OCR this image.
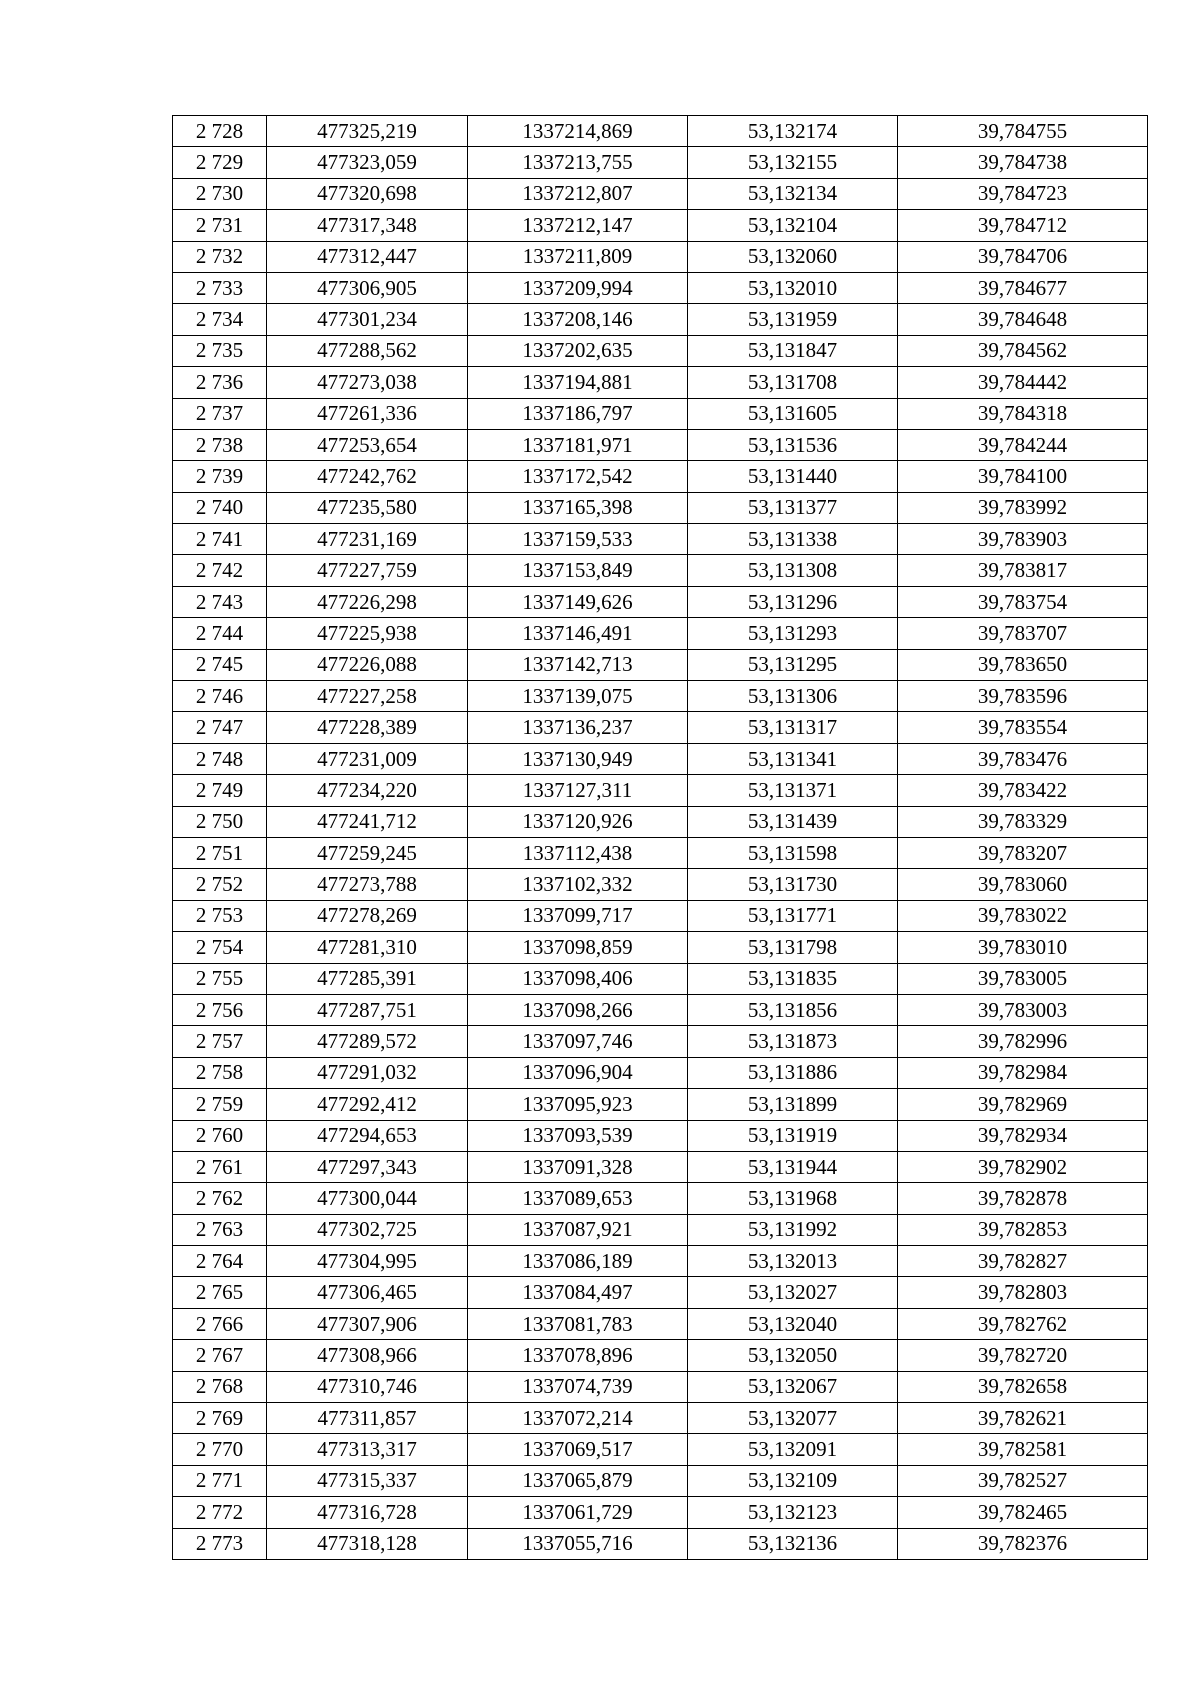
2 728	477325,219	1337214,869	53,132174	39,784755
2 729	477323,059	1337213,755	53,132155	39,784738
2 730	477320,698	1337212,807	53,132134	39,784723
2 731	477317,348	1337212,147	53,132104	39,784712
2 732	477312,447	1337211,809	53,132060	39,784706
2 733	477306,905	1337209,994	53,132010	39,784677
2 734	477301,234	1337208,146	53,131959	39,784648
2 735	477288,562	1337202,635	53,131847	39,784562
2 736	477273,038	1337194,881	53,131708	39,784442
2 737	477261,336	1337186,797	53,131605	39,784318
2 738	477253,654	1337181,971	53,131536	39,784244
2 739	477242,762	1337172,542	53,131440	39,784100
2 740	477235,580	1337165,398	53,131377	39,783992
2 741	477231,169	1337159,533	53,131338	39,783903
2 742	477227,759	1337153,849	53,131308	39,783817
2 743	477226,298	1337149,626	53,131296	39,783754
2 744	477225,938	1337146,491	53,131293	39,783707
2 745	477226,088	1337142,713	53,131295	39,783650
2 746	477227,258	1337139,075	53,131306	39,783596
2 747	477228,389	1337136,237	53,131317	39,783554
2 748	477231,009	1337130,949	53,131341	39,783476
2 749	477234,220	1337127,311	53,131371	39,783422
2 750	477241,712	1337120,926	53,131439	39,783329
2 751	477259,245	1337112,438	53,131598	39,783207
2 752	477273,788	1337102,332	53,131730	39,783060
2 753	477278,269	1337099,717	53,131771	39,783022
2 754	477281,310	1337098,859	53,131798	39,783010
2 755	477285,391	1337098,406	53,131835	39,783005
2 756	477287,751	1337098,266	53,131856	39,783003
2 757	477289,572	1337097,746	53,131873	39,782996
2 758	477291,032	1337096,904	53,131886	39,782984
2 759	477292,412	1337095,923	53,131899	39,782969
2 760	477294,653	1337093,539	53,131919	39,782934
2 761	477297,343	1337091,328	53,131944	39,782902
2 762	477300,044	1337089,653	53,131968	39,782878
2 763	477302,725	1337087,921	53,131992	39,782853
2 764	477304,995	1337086,189	53,132013	39,782827
2 765	477306,465	1337084,497	53,132027	39,782803
2 766	477307,906	1337081,783	53,132040	39,782762
2 767	477308,966	1337078,896	53,132050	39,782720
2 768	477310,746	1337074,739	53,132067	39,782658
2 769	477311,857	1337072,214	53,132077	39,782621
2 770	477313,317	1337069,517	53,132091	39,782581
2 771	477315,337	1337065,879	53,132109	39,782527
2 772	477316,728	1337061,729	53,132123	39,782465
2 773	477318,128	1337055,716	53,132136	39,782376
